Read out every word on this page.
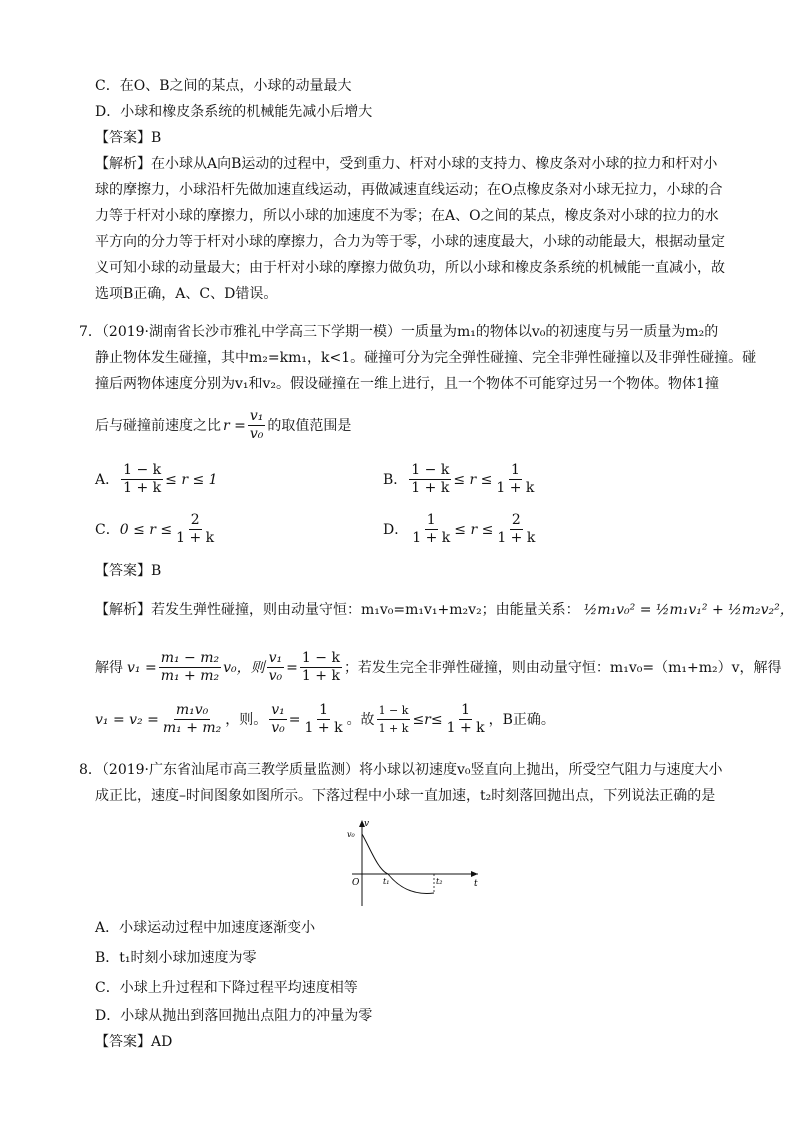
C．在O、B之间的某点，小球的动量最大
D．小球和橡皮条系统的机械能先减小后增大
【答案】B
【解析】在小球从A向B运动的过程中，受到重力、杆对小球的支持力、橡皮条对小球的拉力和杆对小
球的摩擦力，小球沿杆先做加速直线运动，再做减速直线运动；在O点橡皮条对小球无拉力，小球的合
力等于杆对小球的摩擦力，所以小球的加速度不为零；在A、O之间的某点，橡皮条对小球的拉力的水
平方向的分力等于杆对小球的摩擦力，合力为等于零，小球的速度最大，小球的动能最大，根据动量定
义可知小球的动量最大；由于杆对小球的摩擦力做负功，所以小球和橡皮条系统的机械能一直减小，故
选项B正确，A、C、D错误。
7．（2019·湖南省长沙市雅礼中学高三下学期一模）一质量为m₁的物体以v₀的初速度与另一质量为m₂的
静止物体发生碰撞，其中m₂=km₁，k<1。碰撞可分为完全弹性碰撞、完全非弹性碰撞以及非弹性碰撞。碰
撞后两物体速度分别为v₁和v₂。假设碰撞在一维上进行，且一个物体不可能穿过另一个物体。物体1撞
后与碰撞前速度之比 $r = \frac{\text{v₁}}{\text{v₀}}$ 的取值范围是
A． $\frac{1 - k}{1 + k} \le r \le 1$	B． $\frac{1 - k}{1 + k} \le r \le \frac{1}{1 + k}$
C． $0 \le r \le \frac{2}{1 + k}$	D． $\frac{1}{1 + k} \le r \le \frac{2}{1 + k}$
【答案】B
【解析】若发生弹性碰撞，则由动量守恒：m₁v₀=m₁v₁+m₂v₂；由能量关系： ½m₁v₀² = ½m₁v₁² + ½m₂v₂²，
解得 $v_1 = \frac{\text{m₁ − m₂}}{\text{m₁ + m₂}} v_0$，则 $\frac{\text{v₁}}{\text{v₀}} = \frac{1 - k}{1 + k}$ ；若发生完全非弹性碰撞，则由动量守恒：m₁v₀=（m₁+m₂）v，解得
$v_1 = v_2 = \frac{\text{m₁v₀}}{\text{m₁ + m₂}}$ ，则。 $\frac{\text{v₁}}{\text{v₀}} = \frac{1}{1 + k}$ 。故 $\frac{1 - k}{1 + k} \le r\le \frac{1}{1 + k}$ ，B正确。
8．（2019·广东省汕尾市高三教学质量监测）将小球以初速度v₀竖直向上抛出，所受空气阻力与速度大小
成正比，速度–时间图象如图所示。下落过程中小球一直加速，t₂时刻落回抛出点，下列说法正确的是
v
v₀
O	t₁	t₂	t
A．小球运动过程中加速度逐渐变小
B．t₁时刻小球加速度为零
C．小球上升过程和下降过程平均速度相等
D．小球从抛出到落回抛出点阻力的冲量为零
【答案】AD
